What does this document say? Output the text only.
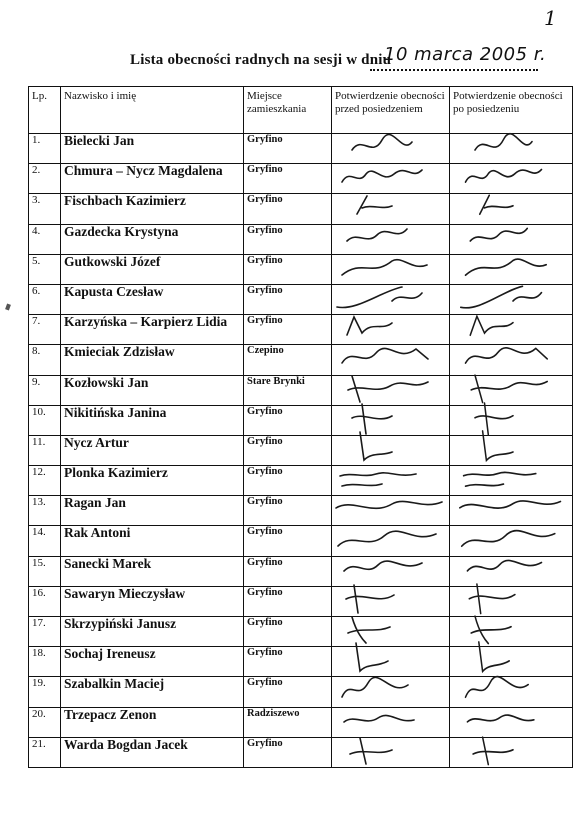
1
Lista obecności radnych na sesji w dniu
10 marca 2005 r.
Lp.	Nazwisko i imię	Miejsce zamieszkania	Potwierdzenie obecności przed posiedzeniem	Potwierdzenie obecności po posiedzeniu
1.	Bielecki Jan	Gryfino	

2.	Chmura – Nycz Magdalena	Gryfino	

3.	Fischbach Kazimierz	Gryfino	

4.	Gazdecka Krystyna	Gryfino	

5.	Gutkowski Józef	Gryfino	

6.	Kapusta Czesław	Gryfino	

7.	Karzyńska – Karpierz Lidia	Gryfino	

8.	Kmieciak Zdzisław	Czepino	

9.	Kozłowski Jan	Stare Brynki	

10.	Nikitińska Janina	Gryfino	

11.	Nycz Artur	Gryfino	

12.	Plonka Kazimierz	Gryfino	

13.	Ragan Jan	Gryfino	

14.	Rak Antoni	Gryfino	

15.	Sanecki Marek	Gryfino	

16.	Sawaryn Mieczysław	Gryfino	

17.	Skrzypiński Janusz	Gryfino	

18.	Sochaj Ireneusz	Gryfino	

19.	Szabalkin Maciej	Gryfino	

20.	Trzepacz Zenon	Radziszewo	

21.	Warda Bogdan Jacek	Gryfino	
